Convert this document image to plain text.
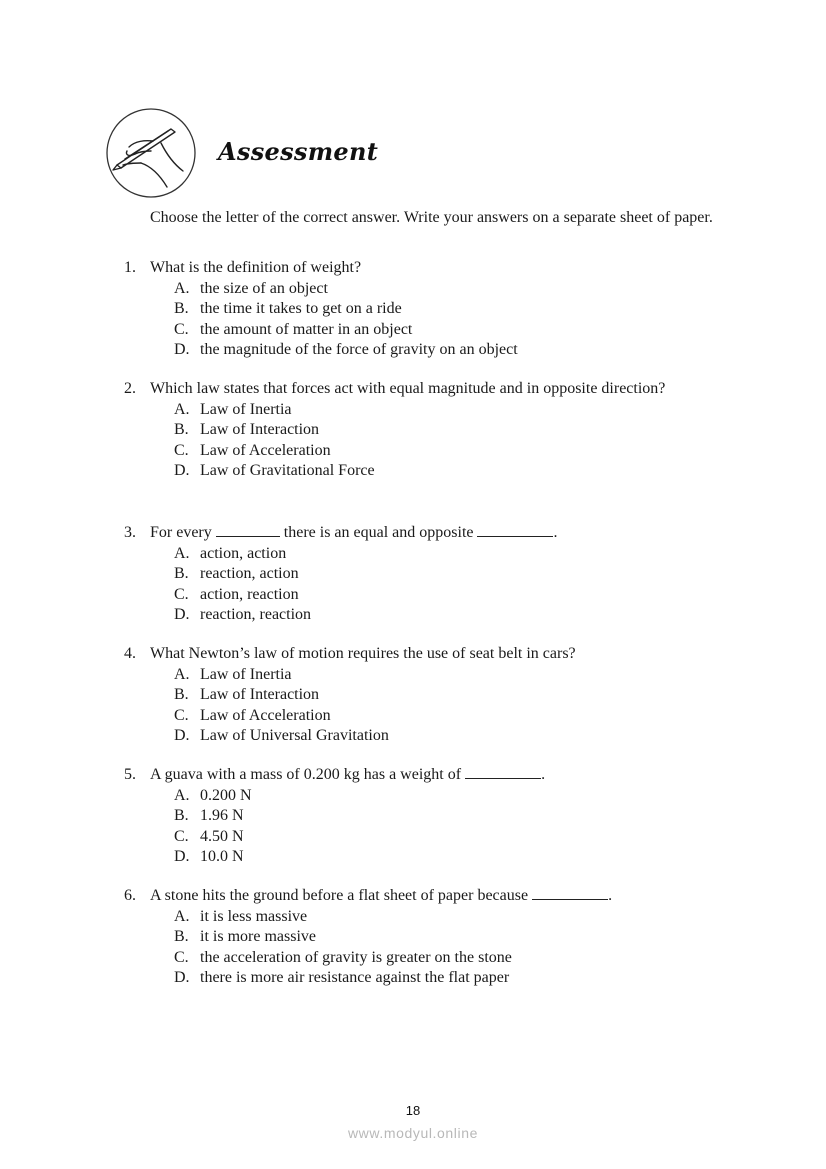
Assessment

Choose the letter of the correct answer. Write your answers on a separate sheet of paper.

1. What is the definition of weight?
A. the size of an object
B. the time it takes to get on a ride
C. the amount of matter in an object
D. the magnitude of the force of gravity on an object
2. Which law states that forces act with equal magnitude and in opposite direction?
A. Law of Inertia
B. Law of Interaction
C. Law of Acceleration
D. Law of Gravitational Force
3. For every	there is an equal and opposite	.
A. action, action
B. reaction, action
C. action, reaction
D. reaction, reaction
4. What Newton’s law of motion requires the use of seat belt in cars?
A. Law of Inertia
B. Law of Interaction
C. Law of Acceleration
D. Law of Universal Gravitation
5. A guava with a mass of 0.200 kg has a weight of	.
A. 0.200 N
B. 1.96 N
C. 4.50 N
D. 10.0 N
6. A stone hits the ground before a flat sheet of paper because	.
A. it is less massive
B. it is more massive
C. the acceleration of gravity is greater on the stone
D. there is more air resistance against the flat paper
18
www.modyul.online
